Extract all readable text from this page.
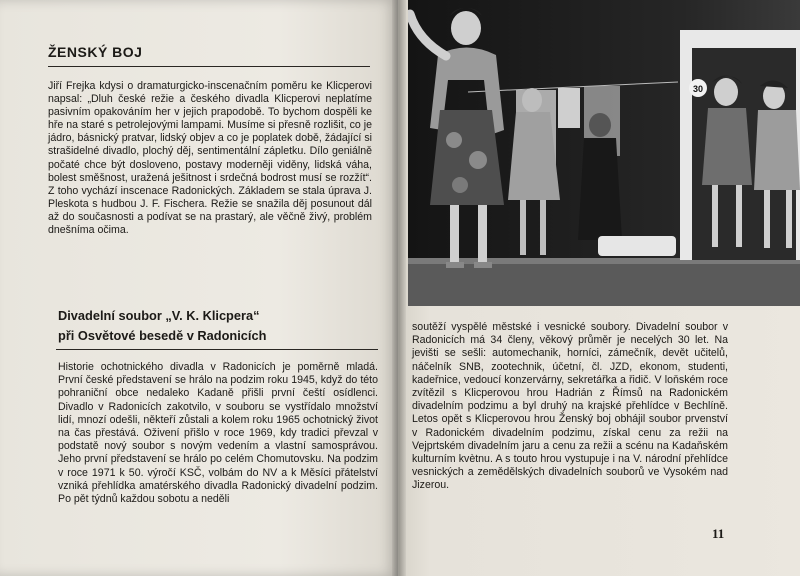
ŽENSKÝ BOJ
Jiří Frejka kdysi o dramaturgicko-inscenačním poměru ke Klicperovi napsal: „Dluh české režie a českého divadla Klicperovi neplatíme pasivním opakováním her v jejich prapodobě. To bychom dospěli ke hře na staré s petrolejovými lampami. Musíme si přesně rozlišit, co je jádro, básnický pratvar, lidský objev a co je poplatek době, žádající si strašidelné divadlo, plochý děj, sentimentální zápletku. Dílo geniálně počaté chce být dosloveno, postavy moderněji viděny, lidská váha, bolest směšnost, uražená ješitnost i srdečná bodrost musí se rozžít“. Z toho vychází inscenace Radonických. Základem se stala úprava J. Pleskota s hudbou J. F. Fischera. Režie se snažila děj posunout dál až do současnosti a podívat se na prastarý, ale věčně živý, problém dnešníma očima.
Divadelní soubor „V. K. Klicpera“
při Osvětové besedě v Radonicích
Historie ochotnického divadla v Radonicích je poměrně mladá. První české představení se hrálo na podzim roku 1945, když do této pohraniční obce nedaleko Kadaně přišli první čeští osídlenci. Divadlo v Radonicích zakotvilo, v souboru se vystřídalo množství lidí, mnozí odešli, někteří zůstali a kolem roku 1965 ochotnický život na čas přestává. Oživení přišlo v roce 1969, kdy tradici převzal v podstatě nový soubor s novým vedením a vlastní samosprávou. Jeho první představení se hrálo po celém Chomutovsku. Na podzim v roce 1971 k 50. výročí KSČ, volbám do NV a k Měsíci přátelství vzniká přehlídka amatérského divadla Radonický divadelní podzim. Po pět týdnů každou sobotu a neděli
30
soutěží vyspělé městské i vesnické soubory. Divadelní soubor v Radonicích má 34 členy, věkový průměr je necelých 30 let. Na jevišti se sešli: automechanik, horníci, zámečník, devět učitelů, náčelník SNB, zootechnik, účetní, čl. JZD, ekonom, studenti, kadeřnice, vedoucí konzervárny, sekretářka a řidič. V loňském roce zvítězil s Klicperovou hrou Hadrián z Římsů na Radonickém divadelním podzimu a byl druhý na krajské přehlídce v Bechlíně. Letos opět s Klicperovou hrou Ženský boj obhájil soubor prvenství v Radonickém divadelním podzimu, získal cenu za režii na Vejprtském divadelním jaru a cenu za režii a scénu na Kadaňském kulturním kvètnu. A s touto hrou vystupuje i na V. národní přehlídce vesnických a zemědělských divadelních souborů ve Vysokém nad Jizerou.
11
